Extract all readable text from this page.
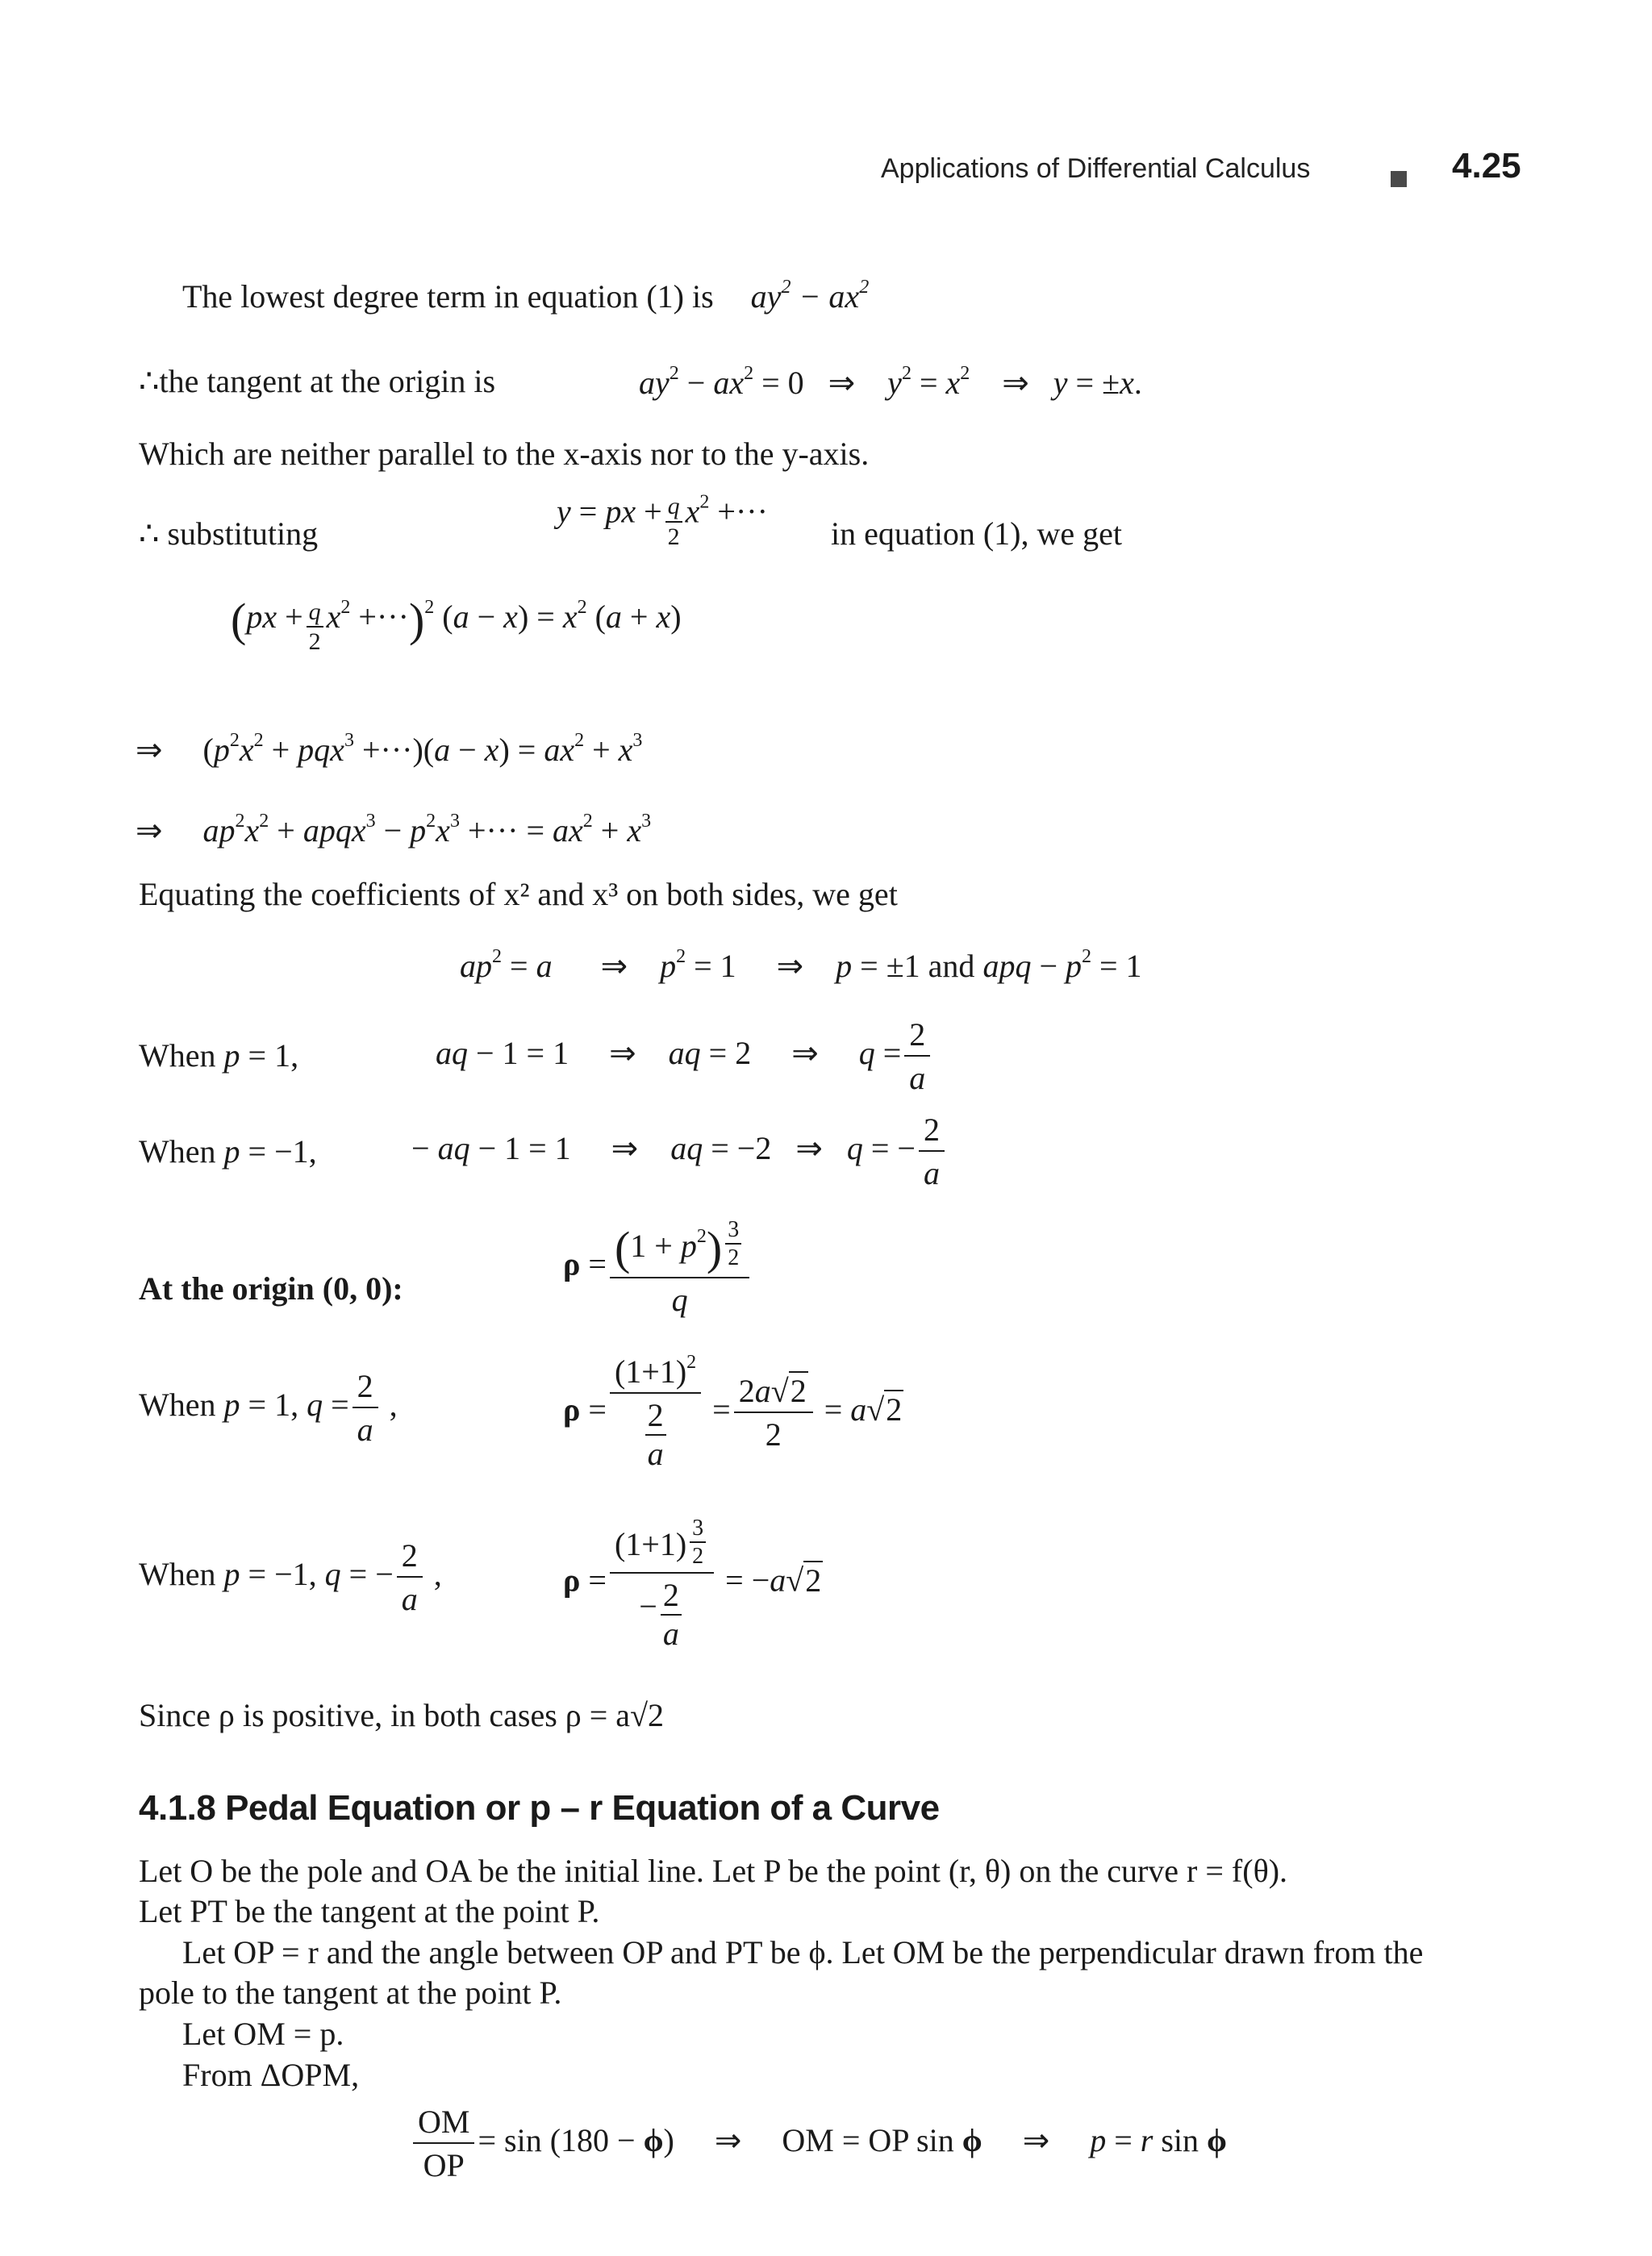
Applications of Differential Calculus	4.25
The lowest degree term in equation (1) is $ay^2 - ax^2$
∴the tangent at the origin is	$ay^2 - ax^2 = 0$   ⇒    $y^2 = x^2$    ⇒   y = ±x.
Which are neither parallel to the x-axis nor to the y-axis.
∴ substituting
y = px + $\frac{q}{2} x^2$ +···
in equation (1), we get
$(px + \frac{q}{2} x^2 +\cdot\cdot\cdot)^2$ $(a - x) = x^2$ (a + x)
⇒     $(p^2x^2 + pqx^3 +\cdot\cdot\cdot)(a - x) = ax^2 + x^3$
⇒     $ap^2x^2$ + apqx$^3$ − $p^2x^3$ +··· = $ax^2 + x^3$
Equating the coefficients of x² and x³ on both sides, we get
$ap^2 = a$      ⇒    $p^2 = 1$     ⇒    p = ±1 and apq − $p^2 = 1$
When p = 1,	aq − 1 = 1     ⇒    aq = 2     ⇒     $q = \frac{2}{a}$
When p = −1,	− aq − 1 = 1     ⇒    aq = −2   ⇒   q = − $\frac{2}{a}$
At the origin (0, 0):
$\rho = (1 + p^2)$ $^{\frac{3}{2}}$
q
When p = 1, $q = \frac{2}{a}$ ,	$\rho = \frac{(1+1)^2}{\frac{2}{a}} = \frac{2a√2}{2} = a√2$
When p = −1, q = − $\frac{2}{a}$ ,	ρ = (1+1) $^{\frac{3}{2}}$
− $\frac{2}{a} = -a√2$
Since ρ is positive, in both cases ρ = a√2
4.1.8 Pedal Equation or p – r Equation of a Curve
Let O be the pole and OA be the initial line. Let P be the point (r, θ) on the curve r = f(θ).
Let PT be the tangent at the point P.
Let OP = r and the angle between OP and PT be ϕ. Let OM be the perpendicular drawn from the
pole to the tangent at the point P.
Let OM = p.
From ΔOPM,
$\frac{OM}{OP} = \sin (180 - \phi)$     ⇒     OM = OP sin ϕ     ⇒     p = r sin ϕ
